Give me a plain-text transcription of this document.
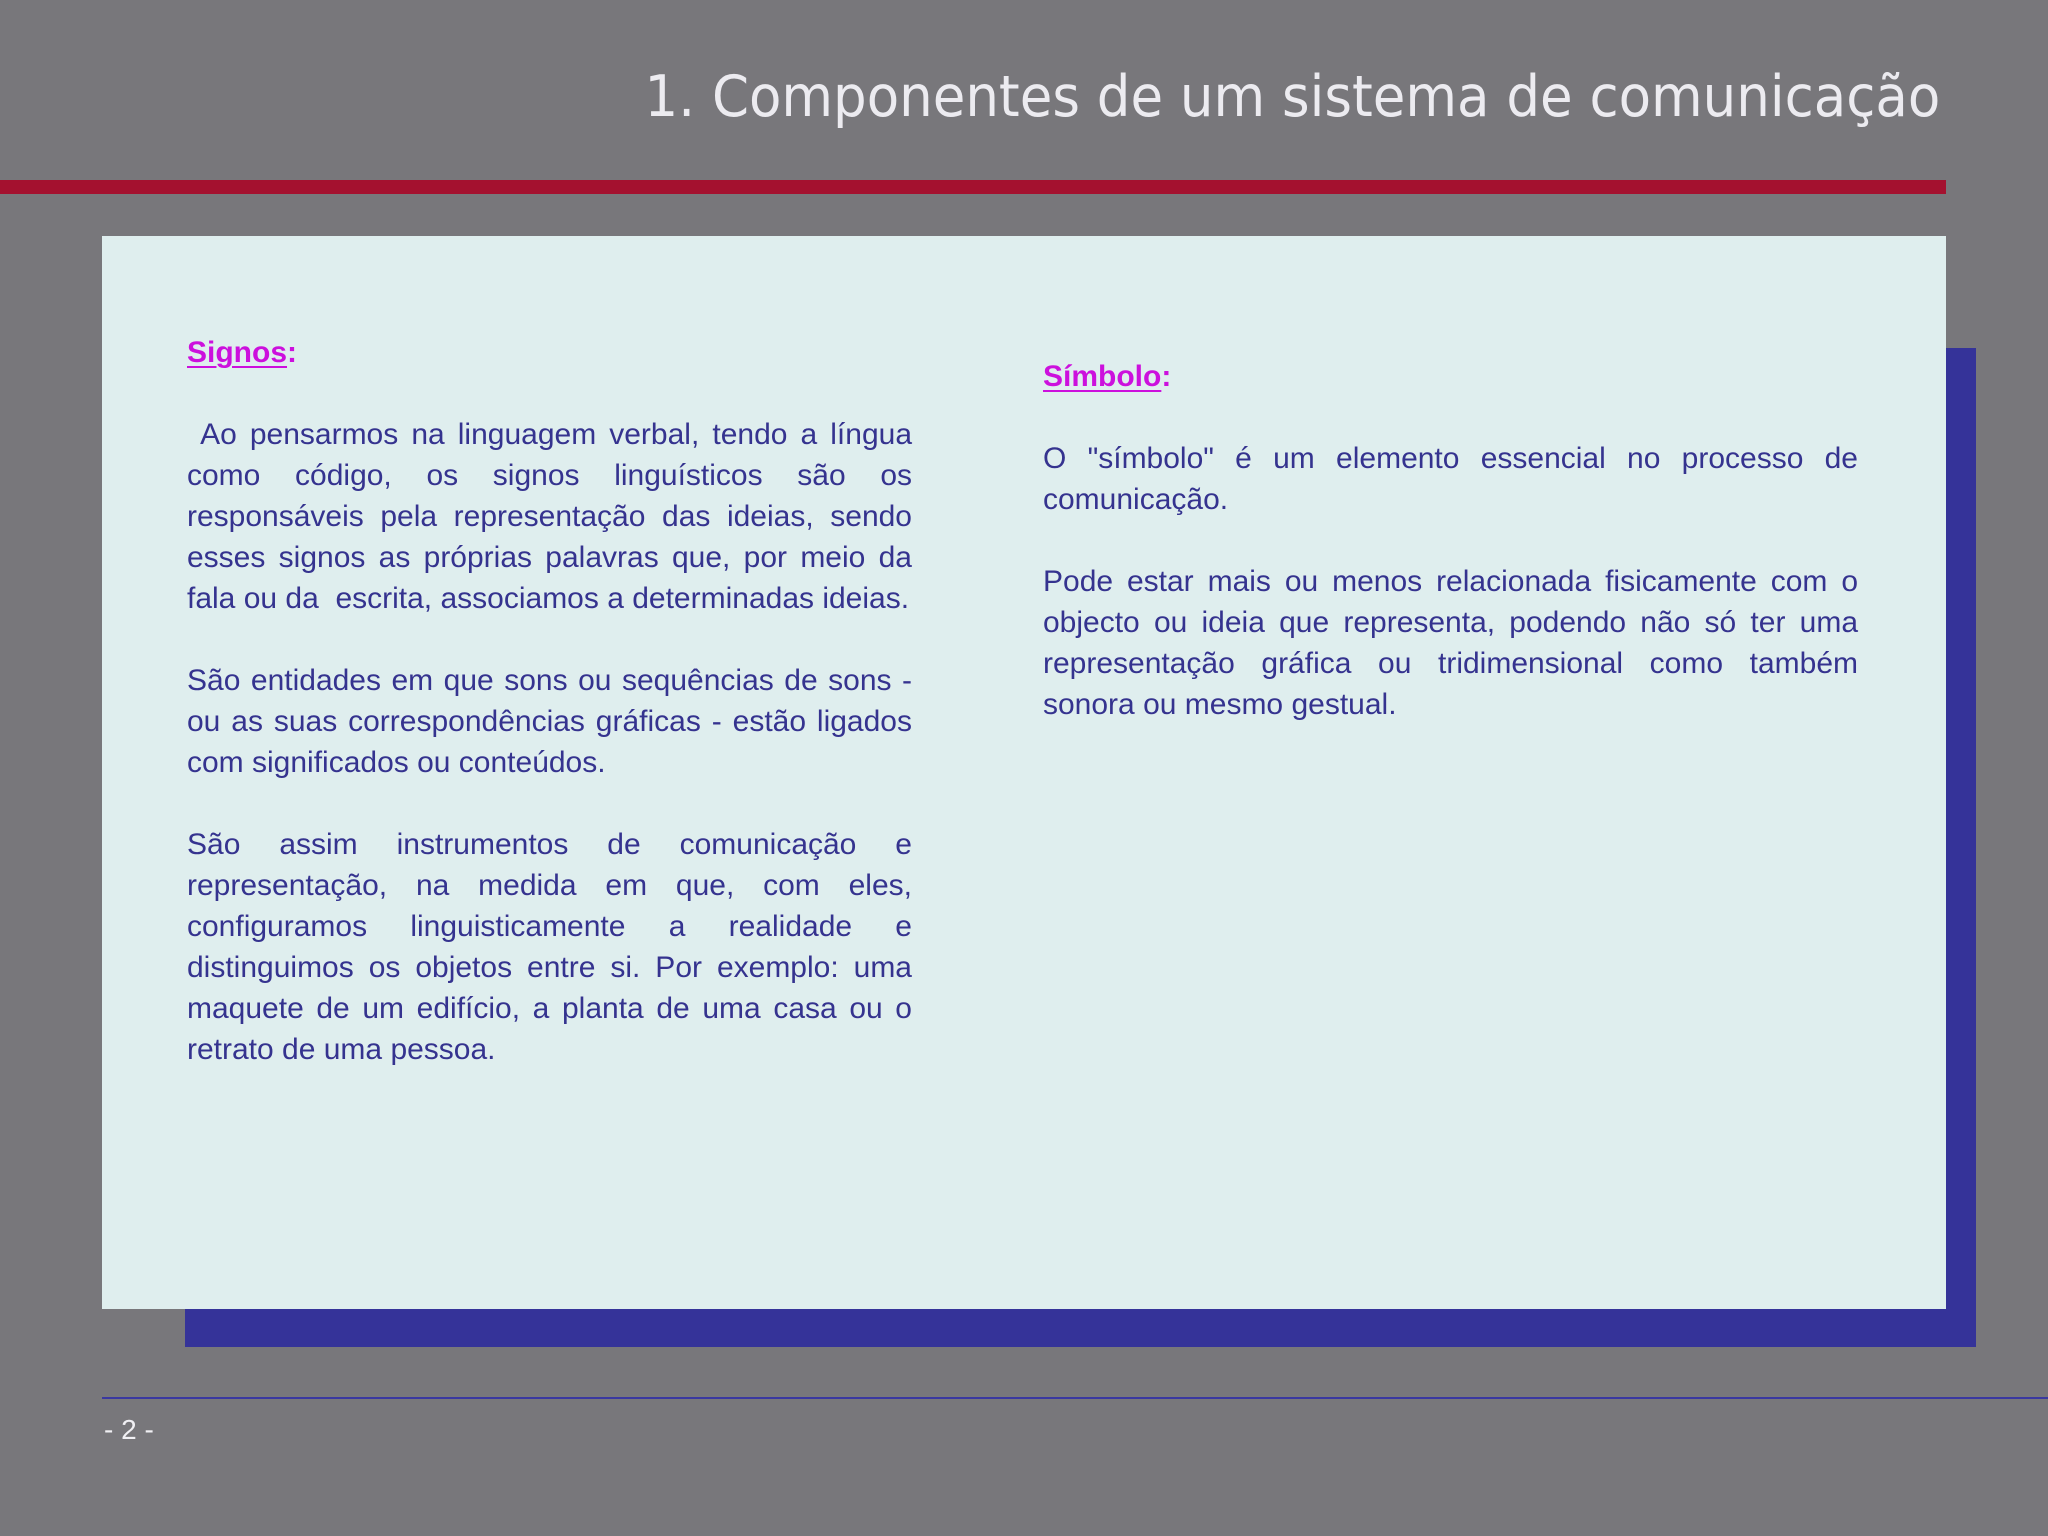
1. Componentes de um sistema de comunicação

Signos:

Ao pensarmos na linguagem verbal, tendo a língua como código, os signos linguísticos são os responsáveis pela representação das ideias, sendo esses signos as próprias palavras que, por meio da fala ou da  escrita, associamos a determinadas ideias.

São entidades em que sons ou sequências de sons - ou as suas correspondências gráficas - estão ligados com significados ou conteúdos.

São assim instrumentos de comunicação e representação, na medida em que, com eles, configuramos linguisticamente a realidade e distinguimos os objetos entre si. Por exemplo: uma maquete de um edifício, a planta de uma casa ou o retrato de uma pessoa.

Símbolo:

O "símbolo" é um elemento essencial no processo de comunicação.

Pode estar mais ou menos relacionada fisicamente com o objecto ou ideia que representa, podendo não só ter uma representação gráfica ou tridimensional como também sonora ou mesmo gestual.

- 2 -
